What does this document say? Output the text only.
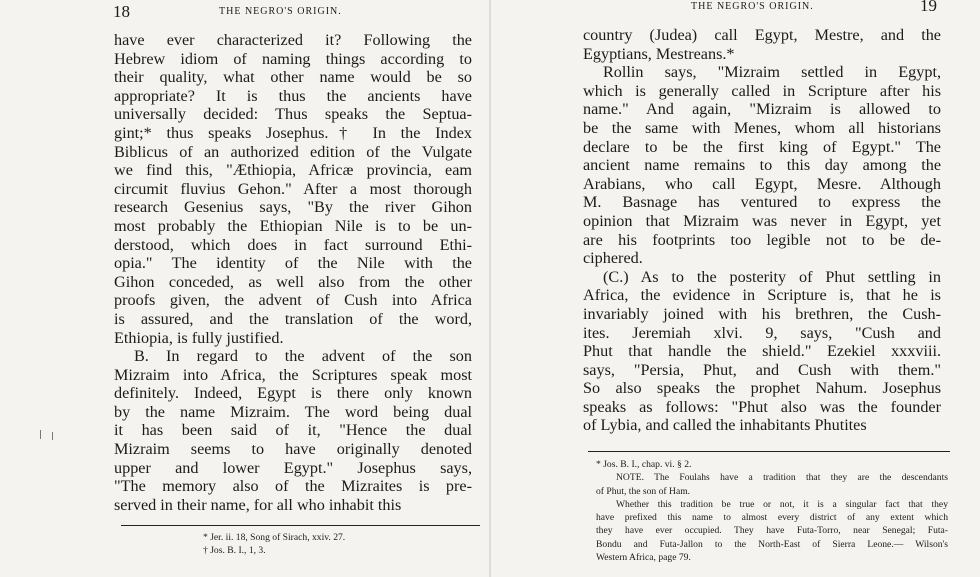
18	THE NEGRO'S ORIGIN.
have ever characterized it? Following the
Hebrew idiom of naming things according to
their quality, what other name would be so
appropriate? It is thus the ancients have
universally decided: Thus speaks the Septua-
gint;* thus speaks Josephus.† In the Index
Biblicus of an authorized edition of the Vulgate
we find this, "Æthiopia, Africæ provincia, eam
circumit fluvius Gehon." After a most thorough
research Gesenius says, "By the river Gihon
most probably the Ethiopian Nile is to be un-
derstood, which does in fact surround Ethi-
opia." The identity of the Nile with the
Gihon conceded, as well also from the other
proofs given, the advent of Cush into Africa
is assured, and the translation of the word,
Ethiopia, is fully justified.
B. In regard to the advent of the son
Mizraim into Africa, the Scriptures speak most
definitely. Indeed, Egypt is there only known
by the name Mizraim. The word being dual
it has been said of it, "Hence the dual
Mizraim seems to have originally denoted
upper and lower Egypt." Josephus says,
"The memory also of the Mizraites is pre-
served in their name, for all who inhabit this
* Jer. ii. 18, Song of Sirach, xxiv. 27.
† Jos. B. I., 1, 3.
THE NEGRO'S ORIGIN.	19
country (Judea) call Egypt, Mestre, and the
Egyptians, Mestreans.*
Rollin says, "Mizraim settled in Egypt,
which is generally called in Scripture after his
name." And again, "Mizraim is allowed to
be the same with Menes, whom all historians
declare to be the first king of Egypt." The
ancient name remains to this day among the
Arabians, who call Egypt, Mesre. Although
M. Basnage has ventured to express the
opinion that Mizraim was never in Egypt, yet
are his footprints too legible not to be de-
ciphered.
(C.) As to the posterity of Phut settling in
Africa, the evidence in Scripture is, that he is
invariably joined with his brethren, the Cush-
ites. Jeremiah xlvi. 9, says, "Cush and
Phut that handle the shield." Ezekiel xxxviii.
says, "Persia, Phut, and Cush with them."
So also speaks the prophet Nahum. Josephus
speaks as follows: "Phut also was the founder
of Lybia, and called the inhabitants Phutites
* Jos. B. I., chap. vi. § 2.
NOTE. The Foulahs have a tradition that they are the descendants
of Phut, the son of Ham.
Whether this tradition be true or not, it is a singular fact that they
have prefixed this name to almost every district of any extent which
they have ever occupied. They have Futa-Torro, near Senegal; Futa-
Bondu and Futa-Jallon to the North-East of Sierra Leone.— Wilson's
Western Africa, page 79.
